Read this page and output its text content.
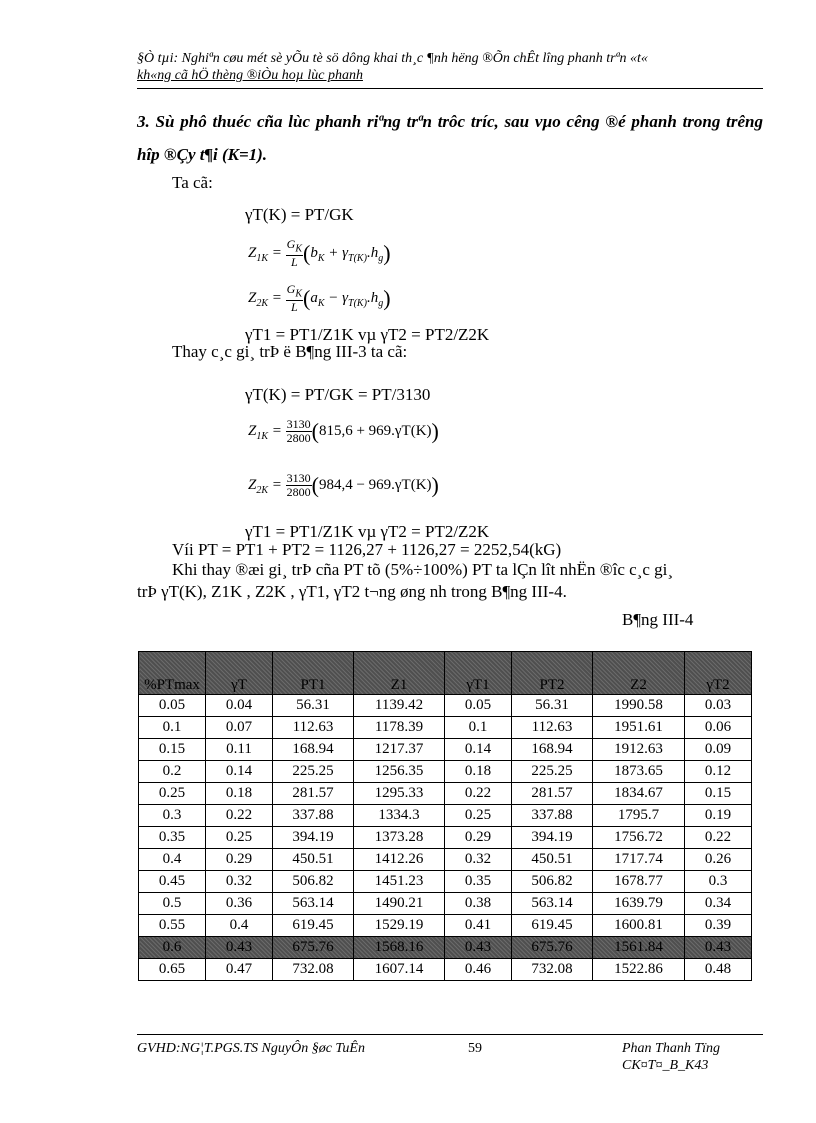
§Ò tµi: Nghiªn cøu mét sè yÕu tè sö dông khai th¸c ¶nh hëng ®Õn chÊt lîng phanh trªn «t«
kh«ng cã hÖ thèng ®iÒu hoµ lùc phanh
3. Sù phô thuéc cña lùc phanh riªng trªn trôc tríc, sau vµo cêng ®é phanh trong trêng hîp ®Çy t¶i (K=1).
Ta cã:
γT(K) = PT/GK
$Z_{1K} = \frac{G_K}{L} (b_K + \gamma_{T(K)}.h_g)$
$Z_{2K} = \frac{G_K}{L} (a_K - \gamma_{T(K)}.h_g)$
γT1 = PT1/Z1K vµ γT2 = PT2/Z2K
Thay c¸c gi¸ trÞ ë B¶ng III-3 ta cã:
γT(K) = PT/GK = PT/3130
$Z_{1K} = \frac{3130}{2800} (815,6 + 969.\gamma T(K))$
$Z_{2K} = \frac{3130}{2800} (984,4 - 969.\gamma T(K))$
γT1 = PT1/Z1K vµ γT2 = PT2/Z2K
Víi PT = PT1 + PT2 = 1126,27 + 1126,27 = 2252,54(kG)
Khi thay ®æi gi¸ trÞ cña PT tõ (5%÷100%) PT ta lÇn lît nhËn ®îc c¸c gi¸
trÞ γT(K), Z1K , Z2K , γT1, γT2 t¬ng øng nh trong B¶ng III-4.
B¶ng III-4
%PTmax	γT	PT1	Z1	γT1	PT2	Z2	γT2
0.05	0.04	56.31	1139.42	0.05	56.31	1990.58	0.03
0.1	0.07	112.63	1178.39	0.1	112.63	1951.61	0.06
0.15	0.11	168.94	1217.37	0.14	168.94	1912.63	0.09
0.2	0.14	225.25	1256.35	0.18	225.25	1873.65	0.12
0.25	0.18	281.57	1295.33	0.22	281.57	1834.67	0.15
0.3	0.22	337.88	1334.3	0.25	337.88	1795.7	0.19
0.35	0.25	394.19	1373.28	0.29	394.19	1756.72	0.22
0.4	0.29	450.51	1412.26	0.32	450.51	1717.74	0.26
0.45	0.32	506.82	1451.23	0.35	506.82	1678.77	0.3
0.5	0.36	563.14	1490.21	0.38	563.14	1639.79	0.34
0.55	0.4	619.45	1529.19	0.41	619.45	1600.81	0.39
0.6	0.43	675.76	1568.16	0.43	675.76	1561.84	0.43
0.65	0.47	732.08	1607.14	0.46	732.08	1522.86	0.48
GVHD:NG¦T.PGS.TS NguyÔn §øc TuÊn	59	Phan Thanh Tïng
CK¤T¤_B_K43
